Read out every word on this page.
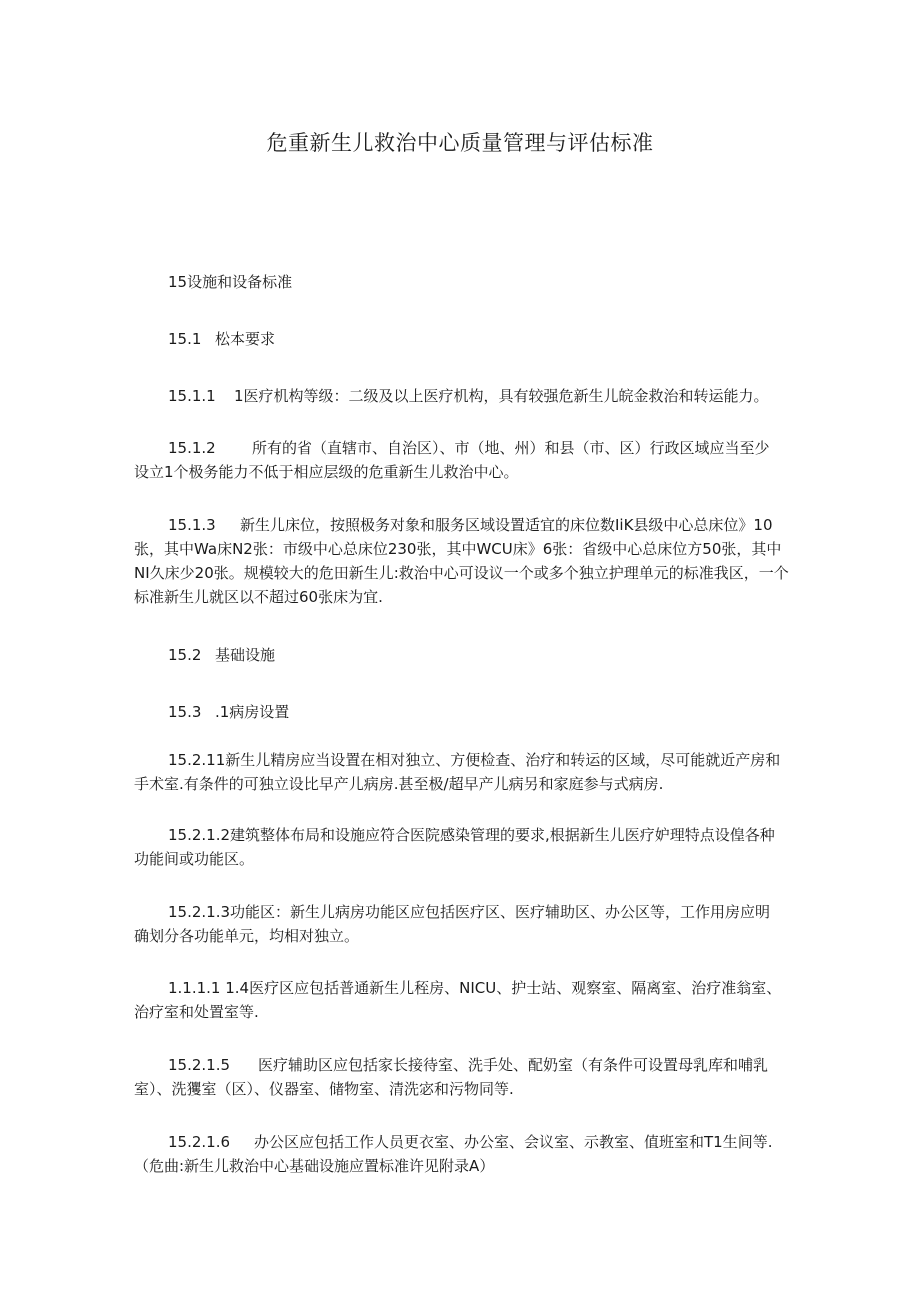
危重新生儿救治中心质量管理与评估标准

15设施和设备标准

15.1 松本要求

15.1.1 1医疗机构等级：二级及以上医疗机构，具有较强危新生儿皖金救治和转运能力。

15.1.2 所有的省（直辖市、自治区）、市（地、州）和县（市、区）行政区域应当至少
设立1个极务能力不低于相应层级的危重新生儿救治中心。

15.1.3 新生儿床位，按照极务对象和服务区域设置适宜的床位数IiK县级中心总床位》10
张，其中Wa床N2张：市级中心总床位230张，其中WCU床》6张：省级中心总床位方50张，其中NI久床少20张。规模较大的危田新生儿:救治中心可设议一个或多个独立护理单元的标准我区，一个标准新生儿就区以不超过60张床为宜.

15.2 基础设施

15.3 .1病房设置

15.2.11新生儿精房应当设置在相对独立、方便检查、治疗和转运的区域，尽可能就近产房和
手术室.有条件的可独立设比早产儿病房.甚至极/超早产儿病另和家庭参与式病房.

15.2.1.2建筑整体布局和设施应符合医院感染管理的要求,根据新生儿医疗妒理特点设偟各种
功能间或功能区。

15.2.1.3功能区：新生儿病房功能区应包括医疗区、医疗辅助区、办公区等，工作用房应明
确划分各功能单元，均相对独立。

1.1.1.1 1.4医疗区应包括普通新生儿秷房、NICU、护士站、观察室、隔离室、治疗准翁室、
治疗室和处置室等.

15.2.1.5 医疗辅助区应包括家长接待室、洗手处、配奶室（有条件可设置母乳库和哺乳
室）、洗玃室（区）、仪器室、储物室、清洗宓和污物同等.

15.2.1.6 办公区应包括工作人员更衣室、办公室、会议室、示教室、值班室和T1生间等.
（危曲:新生儿救治中心基础设施应置标准许见附录A）
